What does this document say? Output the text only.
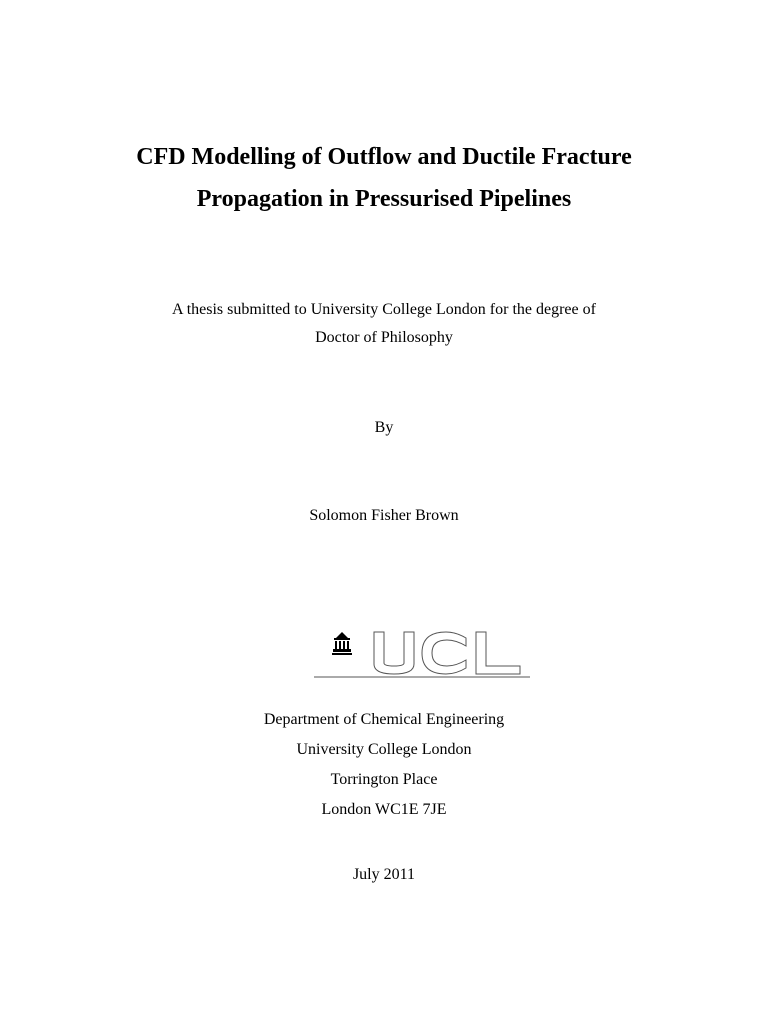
CFD Modelling of Outflow and Ductile Fracture
Propagation in Pressurised Pipelines
A thesis submitted to University College London for the degree of
Doctor of Philosophy
By
Solomon Fisher Brown
Department of Chemical Engineering
University College London
Torrington Place
London WC1E 7JE
July 2011
